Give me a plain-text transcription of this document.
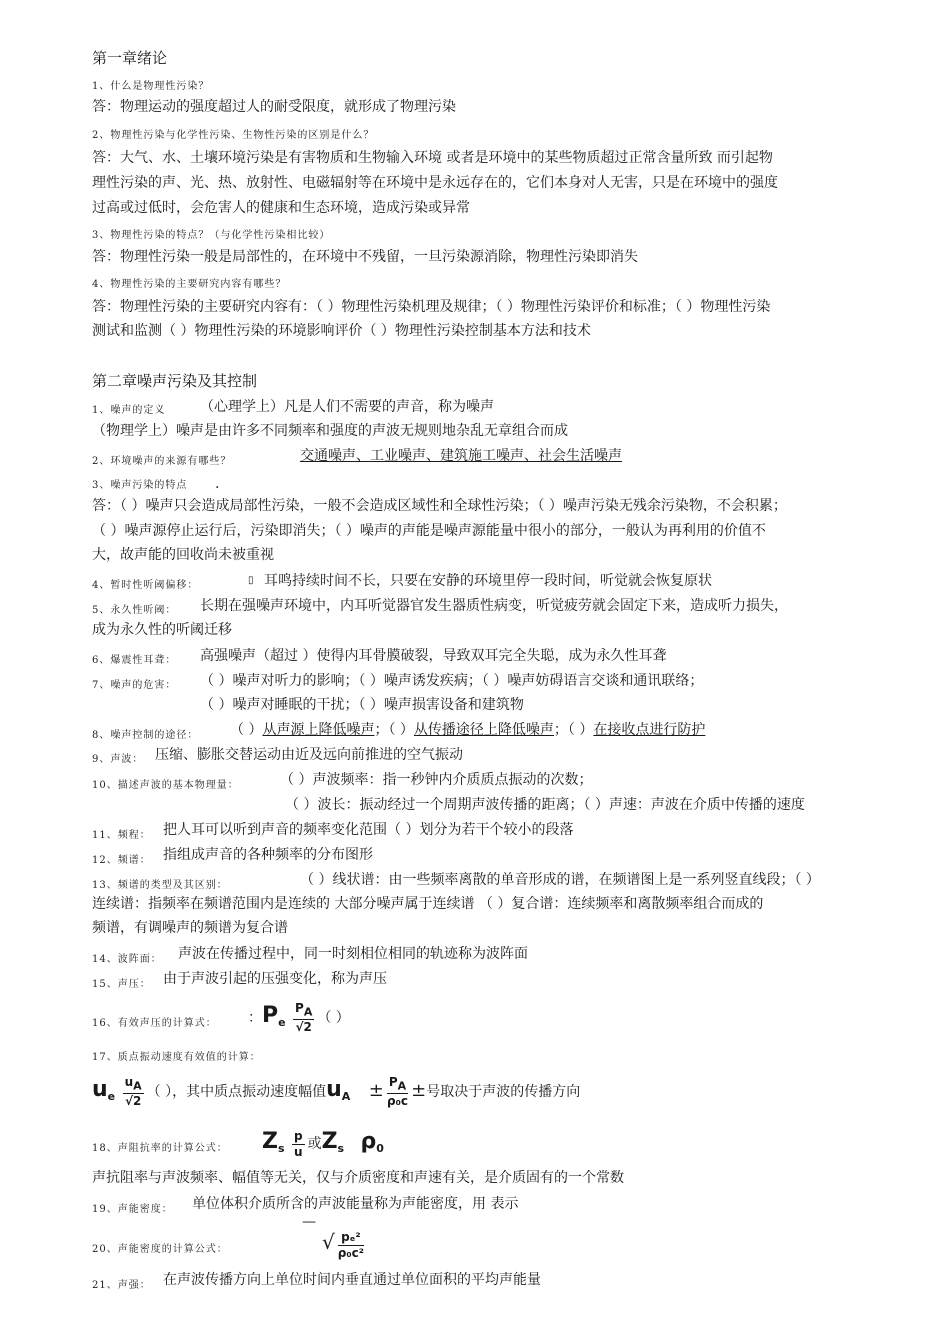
第一章绪论
1、什么是物理性污染？
答：物理运动的强度超过人的耐受限度，就形成了物理污染
2、物理性污染与化学性污染、生物性污染的区别是什么？
答：大气、水、土壤环境污染是有害物质和生物输入环境 或者是环境中的某些物质超过正常含量所致 而引起物
理性污染的声、光、热、放射性、电磁辐射等在环境中是永远存在的，它们本身对人无害，只是在环境中的强度
过高或过低时，会危害人的健康和生态环境，造成污染或异常
3、物理性污染的特点？（与化学性污染相比较）
答：物理性污染一般是局部性的，在环境中不残留，一旦污染源消除，物理性污染即消失
4、物理性污染的主要研究内容有哪些？
答：物理性污染的主要研究内容有：（ ）物理性污染机理及规律；（ ）物理性污染评价和标准；（ ）物理性污染
测试和监测（ ）物理性污染的环境影响评价（ ）物理性污染控制基本方法和技术
第二章噪声污染及其控制
1、噪声的定义 （心理学上）凡是人们不需要的声音，称为噪声
（物理学上）噪声是由许多不同频率和强度的声波无规则地杂乱无章组合而成
2、环境噪声的来源有哪些？	交通噪声、工业噪声、建筑施工噪声、社会生活噪声
3、噪声污染的特点 .
答：（ ）噪声只会造成局部性污染，一般不会造成区域性和全球性污染；（ ）噪声污染无残余污染物，不会积累；
（ ）噪声源停止运行后，污染即消失；（ ）噪声的声能是噪声源能量中很小的部分，一般认为再利用的价值不
大，故声能的回收尚未被重视
4、暂时性听阈偏移：	▯ 耳鸣持续时间不长，只要在安静的环境里停一段时间，听觉就会恢复原状
5、永久性听阈： 长期在强噪声环境中，内耳听觉器官发生器质性病变，听觉疲劳就会固定下来，造成听力损失，
成为永久性的听阈迁移
6、爆震性耳聋： 高强噪声（超过 ）使得内耳骨膜破裂，导致双耳完全失聪，成为永久性耳聋
7、噪声的危害： （ ）噪声对听力的影响；（ ）噪声诱发疾病；（ ）噪声妨碍语言交谈和通讯联络；
（ ）噪声对睡眠的干扰；（ ）噪声损害设备和建筑物
8、噪声控制的途径： （ ）从声源上降低噪声；（ ）从传播途径上降低噪声；（ ）在接收点进行防护
9、声波： 压缩、膨胀交替运动由近及远向前推进的空气振动
10、描述声波的基本物理量：	（ ）声波频率：指一秒钟内介质质点振动的次数；
（ ）波长：振动经过一个周期声波传播的距离；（ ）声速：声波在介质中传播的速度
11、频程： 把人耳可以听到声音的频率变化范围（ ）划分为若干个较小的段落
12、频谱： 指组成声音的各种频率的分布图形
13、频谱的类型及其区别：	（ ）线状谱：由一些频率离散的单音形成的谱，在频谱图上是一系列竖直线段；（ ）
连续谱：指频率在频谱范围内是连续的 大部分噪声属于连续谱 （ ）复合谱：连续频率和离散频率组合而成的
频谱，有调噪声的频谱为复合谱
14、波阵面： 声波在传播过程中，同一时刻相位相同的轨迹称为波阵面
15、声压： 由于声波引起的压强变化，称为声压
16、有效声压的计算式： ：$P_e \frac{P_A}{√2}$ （ ）
17、质点振动速度有效值的计算：
$u_e \frac{u_A}{√2}$ （ ），其中质点振动速度幅值$u_A \pm \frac{P_A}{\text{ρ₀c}}$ ±号取决于声波的传播方向
18、声阻抗率的计算公式： $Z_s \frac{p}{u}$ 或$Z_s$ $\rho_0$
声抗阻率与声波频率、幅值等无关，仅与介质密度和声速有关，是介质固有的一个常数
19、声能密度： 单位体积介质所含的声波能量称为声能密度，用 表示
20、声能密度的计算公式：
—
√ $\frac{\text{pₑ²}}{\text{ρ₀c²}}$
21、声强： 在声波传播方向上单位时间内垂直通过单位面积的平均声能量
